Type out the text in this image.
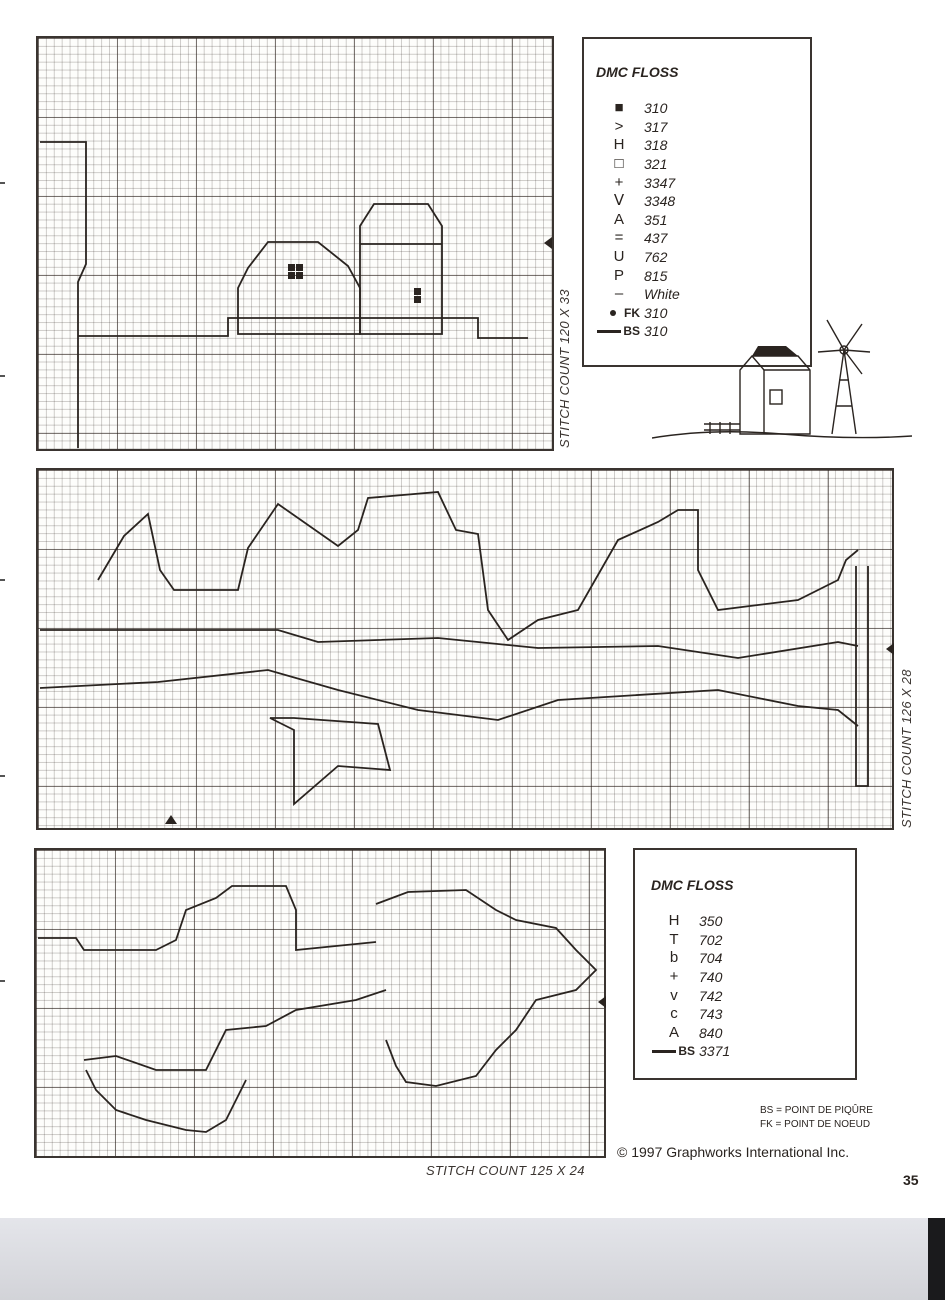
STITCH COUNT 120 X 33
DMC FLOSS
■	310
>	317
H	318
□	321
+	3347
ᐯ	3348
A	351
=	437
U	762
P	815
–	White
FK 310
BS 310
STITCH COUNT 126 X 28
STITCH COUNT 125 X 24
DMC FLOSS
H	350
T	702
b	704
+	740
v	742
c	743
A	840
BS 3371
BS = POINT DE PIQÛRE
FK = POINT DE NOEUD
© 1997 Graphworks International Inc.
35
